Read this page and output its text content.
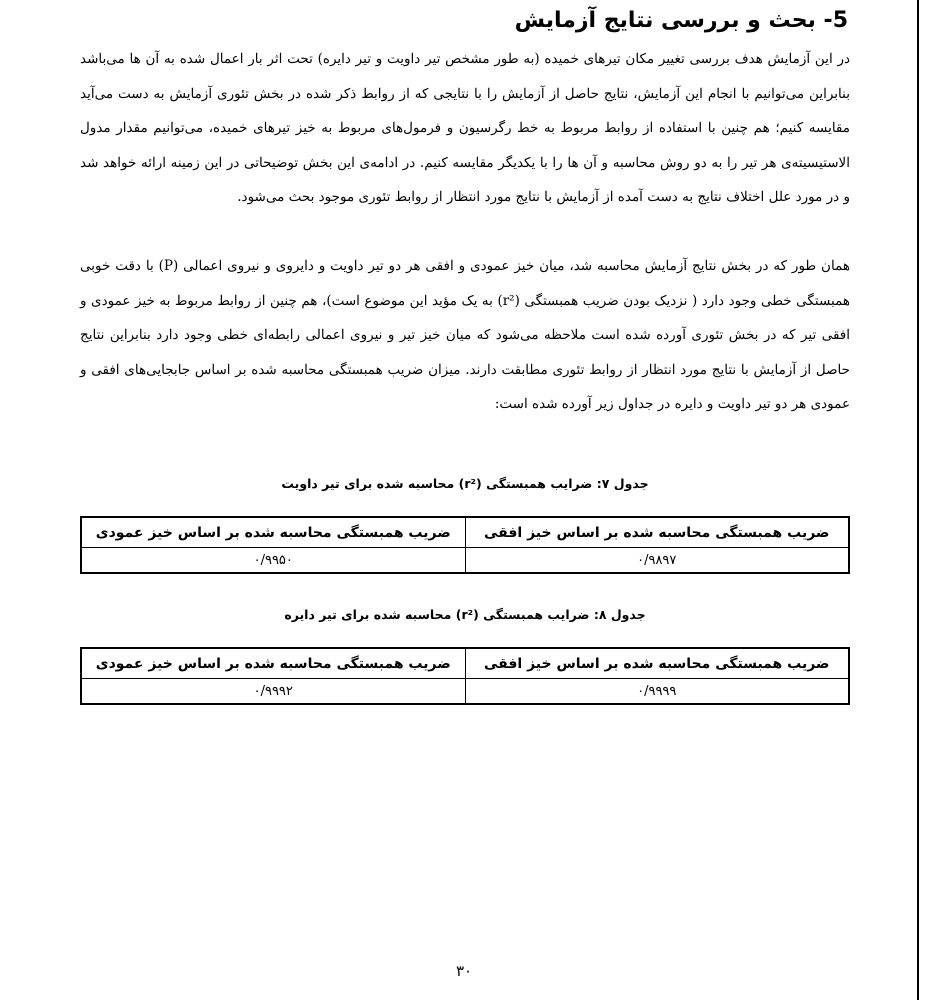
5- بحث و بررسی نتایج آزمایش

در این آزمایش هدف بررسی تغییر مکان تیرهای خمیده (به طور مشخص تیر داویت و تیر دایره) تحت اثر بار اعمال شده به آن ها می‌باشد بنابراین می‌توانیم با انجام این آزمایش، نتایج حاصل از آزمایش را با نتایجی که از روابط ذکر شده در بخش تئوری آزمایش به دست می‌آید مقایسه کنیم؛ هم چنین با استفاده از روابط مربوط به خط رگرسیون و فرمول‌های مربوط به خیز تیرهای خمیده، می‌توانیم مقدار مدول الاستیسیته‌ی هر تیر را به دو روش محاسبه و آن ها را با یکدیگر مقایسه کنیم. در ادامه‌ی این بخش توضیحاتی در این زمینه ارائه خواهد شد و در مورد علل اختلاف نتایج به دست آمده از آزمایش با نتایج مورد انتظار از روابط تئوری موجود بحث می‌شود.

همان طور که در بخش نتایج آزمایش محاسبه شد، میان خیز عمودی و افقی هر دو تیر داویت و دایروی و نیروی اعمالی (P) با دقت خوبی همبستگی خطی وجود دارد ( نزدیک بودن ضریب همبستگی (r²) به یک مؤید این موضوع است)، هم چنین از روابط مربوط به خیز عمودی و افقی تیر که در بخش تئوری آورده شده است ملاحظه می‌شود که میان خیز تیر و نیروی اعمالی رابطه‌ای خطی وجود دارد بنابراین نتایج حاصل از آزمایش با نتایج مورد انتظار از روابط تئوری مطابقت دارند. میزان ضریب همبستگی محاسبه شده بر اساس جابجایی‌های افقی و عمودی هر دو تیر داویت و دایره در جداول زیر آورده شده است:

جدول ۷: ضرایب همبستگی (r²) محاسبه شده برای تیر داویت
ضریب همبستگی محاسبه شده بر اساس خیز افقی	ضریب همبستگی محاسبه شده بر اساس خیز عمودی
۰/۹۸۹۷	۰/۹۹۵۰
جدول ۸: ضرایب همبستگی (r²) محاسبه شده برای تیر دایره
ضریب همبستگی محاسبه شده بر اساس خیز افقی	ضریب همبستگی محاسبه شده بر اساس خیز عمودی
۰/۹۹۹۹	۰/۹۹۹۲
۳۰
